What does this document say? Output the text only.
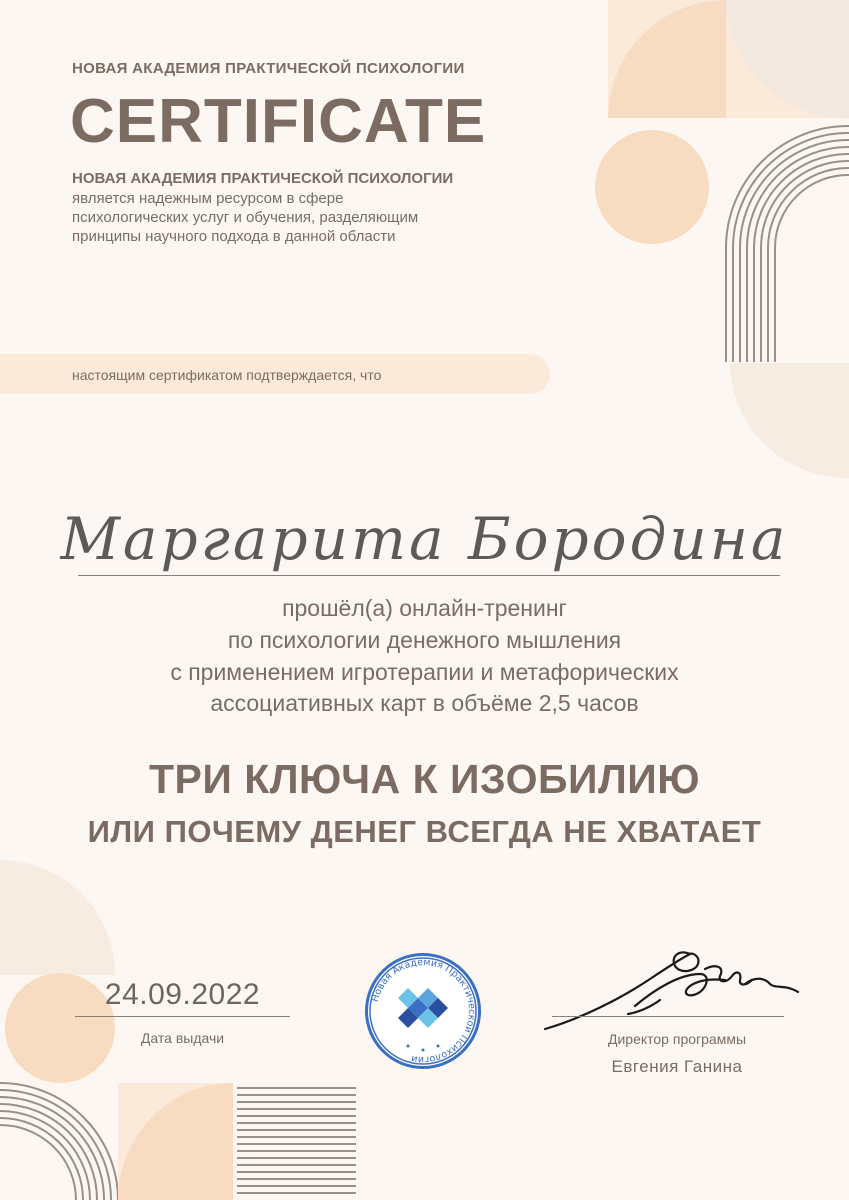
НОВАЯ АКАДЕМИЯ ПРАКТИЧЕСКОЙ ПСИХОЛОГИИ
CERTIFICATE
НОВАЯ АКАДЕМИЯ ПРАКТИЧЕСКОЙ ПСИХОЛОГИИ
является надежным ресурсом в сфере
психологических услуг и обучения, разделяющим
принципы научного подхода в данной области
настоящим сертификатом подтверждается, что
Маргарита Бородина
прошёл(а) онлайн-тренинг
по психологии денежного мышления
с применением игротерапии и метафорических
ассоциативных карт в объёме 2,5 часов
ТРИ КЛЮЧА К ИЗОБИЛИЮ
ИЛИ ПОЧЕМУ ДЕНЕГ ВСЕГДА НЕ ХВАТАЕТ
24.09.2022
Дата выдачи
Новая Академия Практической Психологии
Директор программы
Евгения Ганина
